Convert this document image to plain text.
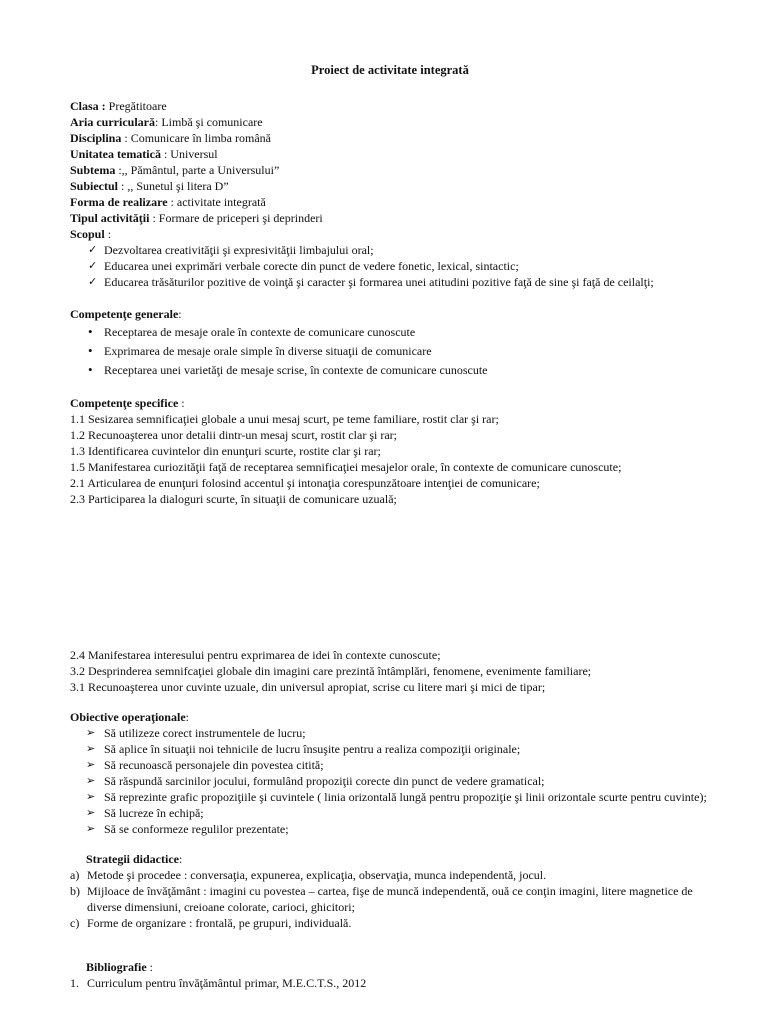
Proiect de activitate integrată

Clasa : Pregătitoare

Aria curriculară: Limbă şi comunicare

Disciplina : Comunicare în limba română

Unitatea tematică : Universul

Subtema :,, Pământul, parte a Universului”

Subiectul : ,, Sunetul şi litera D”

Forma de realizare : activitate integrată

Tipul activităţii : Formare de priceperi şi deprinderi

Scopul :

✓ Dezvoltarea creativităţii şi expresivităţii limbajului oral;
✓ Educarea unei exprimări verbale corecte din punct de vedere fonetic, lexical, sintactic;
✓ Educarea trăsăturilor pozitive de voinţă şi caracter şi formarea unei atitudini pozitive faţă de sine şi faţă de ceilalţi;

Competenţe generale:

• Receptarea de mesaje orale în contexte de comunicare cunoscute
• Exprimarea de mesaje orale simple în diverse situaţii de comunicare
• Receptarea unei varietăţi de mesaje scrise, în contexte de comunicare cunoscute

Competenţe specifice :

1.1 Sesizarea semnificaţiei globale a unui mesaj scurt, pe teme familiare, rostit clar şi rar;
1.2 Recunoaşterea unor detalii dintr-un mesaj scurt, rostit clar şi rar;
1.3 Identificarea cuvintelor din enunţuri scurte, rostite clar şi rar;
1.5 Manifestarea curiozităţii faţă de receptarea semnificaţiei mesajelor orale, în contexte de comunicare cunoscute;
2.1 Articularea de enunţuri folosind accentul şi intonaţia corespunzătoare intenţiei de comunicare;
2.3 Participarea la dialoguri scurte, în situaţii de comunicare uzuală;
2.4 Manifestarea interesului pentru exprimarea de idei în contexte cunoscute;
3.2 Desprinderea semnifcaţiei globale din imagini care prezintă întâmplări, fenomene, evenimente familiare;
3.1 Recunoaşterea unor cuvinte uzuale, din universul apropiat, scrise cu litere mari şi mici de tipar;

Obiective operaţionale:

➢ Să utilizeze corect instrumentele de lucru;
➢ Să aplice în situaţii noi tehnicile de lucru însuşite pentru a realiza compoziţii originale;
➢ Să recunoască personajele din povestea citită;
➢ Să răspundă sarcinilor jocului, formulând propoziţii corecte din punct de vedere gramatical;
➢ Să reprezinte grafic propoziţiile şi cuvintele ( linia orizontală lungă pentru propoziţie şi linii orizontale scurte pentru cuvinte);
➢ Să lucreze în echipă;
➢ Să se conformeze regulilor prezentate;

Strategii didactice:

a) Metode şi procedee : conversaţia, expunerea, explicaţia, observaţia, munca independentă, jocul.
b) Mijloace de învăţământ : imagini cu povestea – cartea, fişe de muncă independentă, ouă ce conţin imagini, litere magnetice de diverse dimensiuni, creioane colorate, carioci, ghicitori;
c) Forme de organizare : frontală, pe grupuri, individuală.

Bibliografie :

1. Curriculum pentru învăţământul primar, M.E.C.T.S., 2012
